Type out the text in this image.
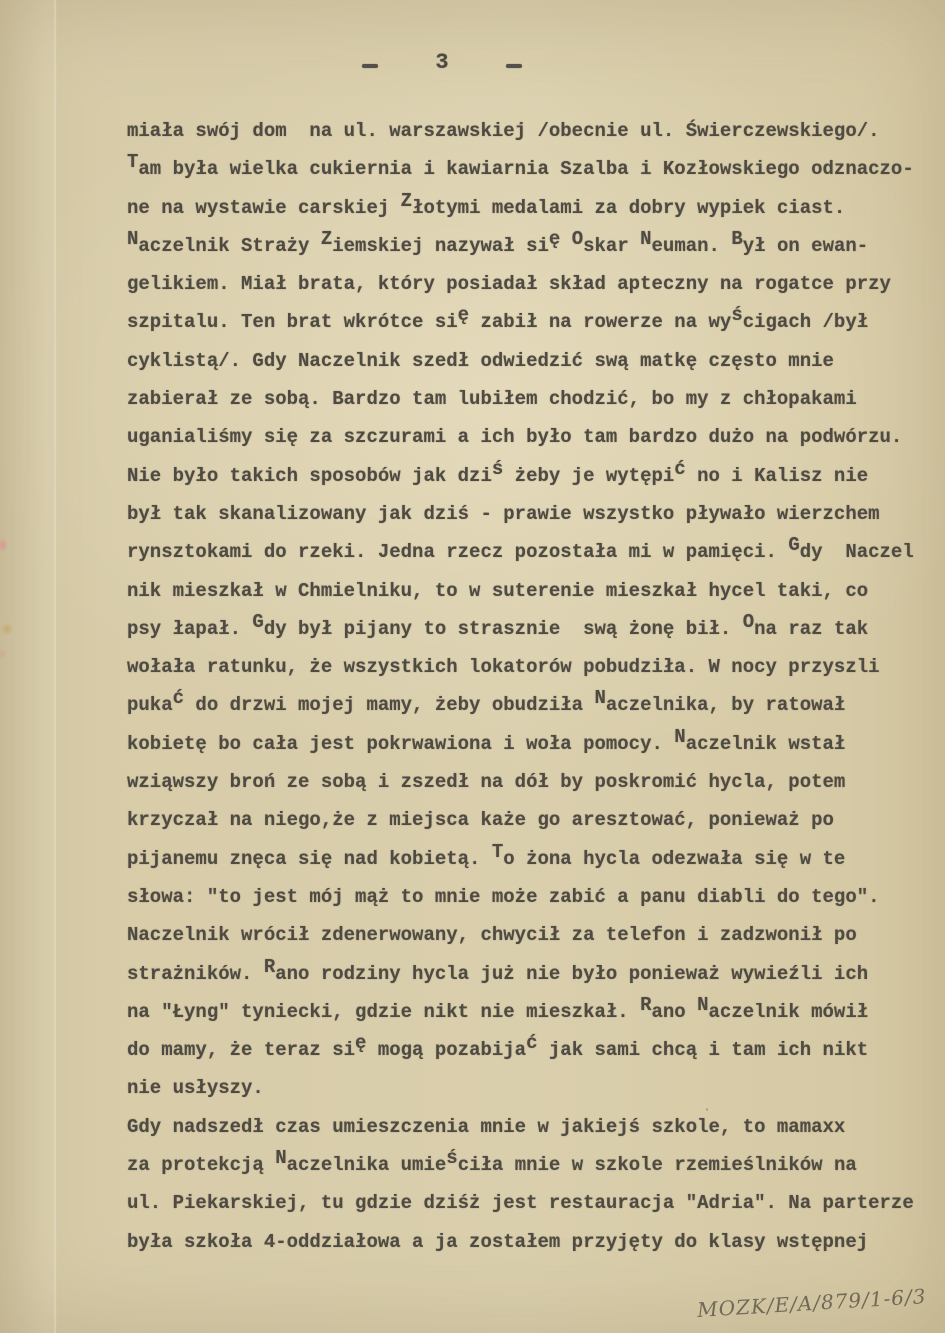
3
miała swój dom  na ul. warszawskiej /obecnie ul. Świerczewskiego/.
Tam była wielka cukiernia i kawiarnia Szalba i Kozłowskiego odznaczo-
ne na wystawie carskiej Złotymi medalami za dobry wypiek ciast.
Naczelnik Straży Ziemskiej nazywał się Oskar Neuman. Był on ewan-
gelikiem. Miał brata, który posiadał skład apteczny na rogatce przy
szpitalu. Ten brat wkrótce się zabił na rowerze na wyścigach /był
cyklistą/. Gdy Naczelnik szedł odwiedzić swą matkę często mnie
zabierał ze sobą. Bardzo tam lubiłem chodzić, bo my z chłopakami
uganialiśmy się za szczurami a ich było tam bardzo dużo na podwórzu.
Nie było takich sposobów jak dziś żeby je wytępić no i Kalisz nie
był tak skanalizowany jak dziś - prawie wszystko pływało wierzchem
rynsztokami do rzeki. Jedna rzecz pozostała mi w pamięci. Gdy  Naczel
nik mieszkał w Chmielniku, to w suterenie mieszkał hycel taki, co
psy łapał. Gdy był pijany to strasznie  swą żonę bił. Ona raz tak
wołała ratunku, że wszystkich lokatorów pobudziła. W nocy przyszli
pukać do drzwi mojej mamy, żeby obudziła Naczelnika, by ratował
kobietę bo cała jest pokrwawiona i woła pomocy. Naczelnik wstał
wziąwszy broń ze sobą i zszedł na dół by poskromić hycla, potem
krzyczał na niego,że z miejsca każe go aresztować, ponieważ po
pijanemu znęca się nad kobietą. To żona hycla odezwała się w te
słowa: "to jest mój mąż to mnie może zabić a panu diabli do tego".
Naczelnik wrócił zdenerwowany, chwycił za telefon i zadzwonił po
strażników. Rano rodziny hycla już nie było ponieważ wywieźli ich
na "Łyng" tyniecki, gdzie nikt nie mieszkał. Rano Naczelnik mówił
do mamy, że teraz się mogą pozabijać jak sami chcą i tam ich nikt
nie usłyszy.
Gdy nadszedł czas umieszczenia mnie w jakiejś szkole, to mamaxx
za protekcją Naczelnika umieściła mnie w szkole rzemieślników na
ul. Piekarskiej, tu gdzie dziśż jest restauracja "Adria". Na parterze
była szkoła 4-oddziałowa a ja zostałem przyjęty do klasy wstępnej
MOZK/E/A/879/1-6/3
